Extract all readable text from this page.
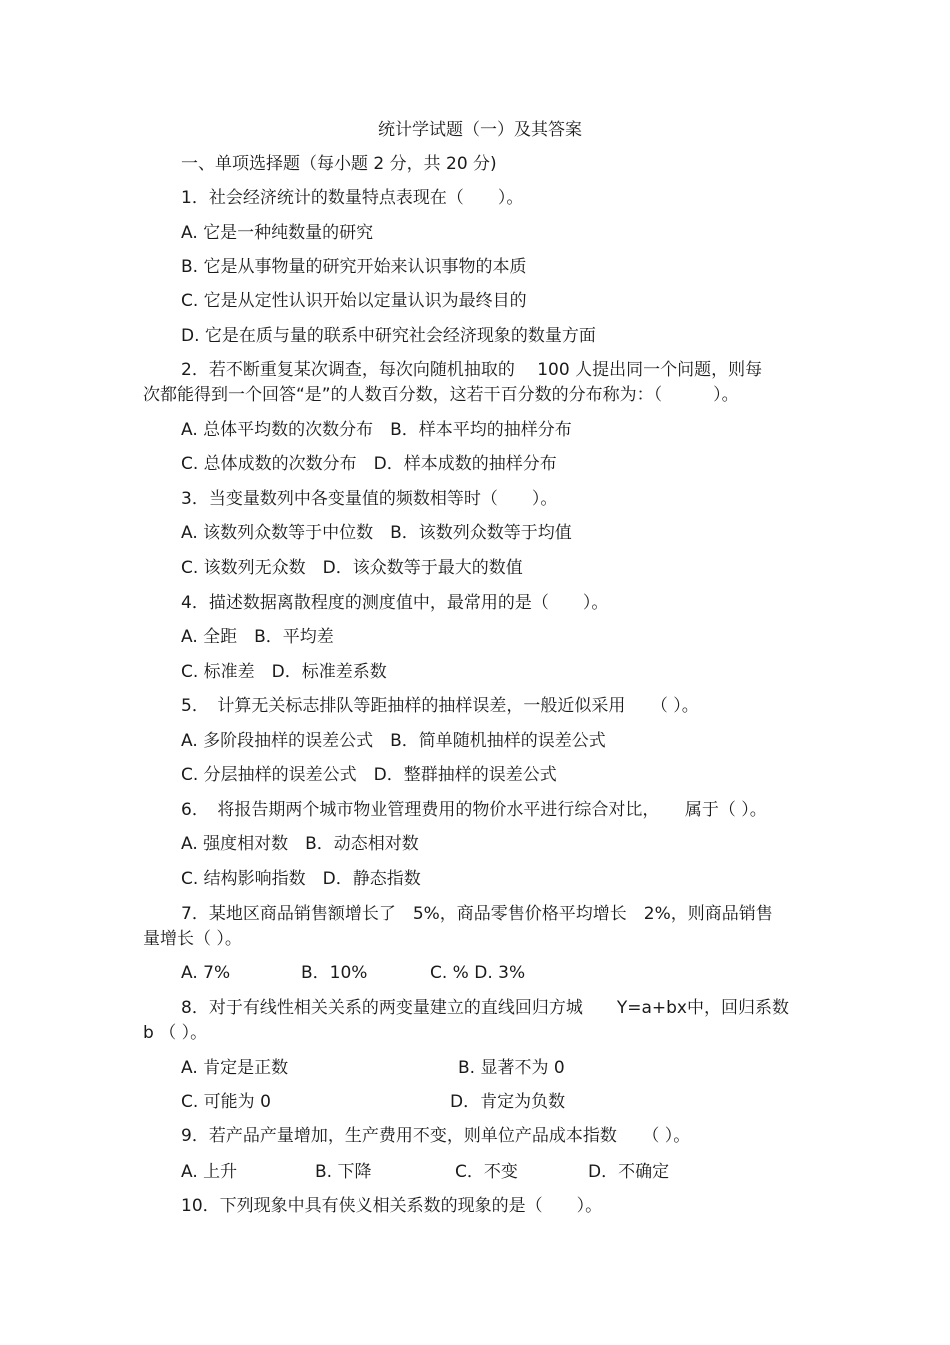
统计学试题（一）及其答案
一、单项选择题（每小题 2 分，共 20 分)
1．社会经济统计的数量特点表现在（　　）。
A. 它是一种纯数量的研究
B. 它是从事物量的研究开始来认识事物的本质
C. 它是从定性认识开始以定量认识为最终目的
D. 它是在质与量的联系中研究社会经济现象的数量方面
2．若不断重复某次调查，每次向随机抽取的　 100 人提出同一个问题，则每
次都能得到一个回答“是”的人数百分数，这若干百分数的分布称为：（　　　）。
A. 总体平均数的次数分布　B．样本平均的抽样分布
C. 总体成数的次数分布　D．样本成数的抽样分布
3．当变量数列中各变量值的频数相等时（　　）。
A. 该数列众数等于中位数　B．该数列众数等于均值
C. 该数列无众数　D．该众数等于最大的数值
4．描述数据离散程度的测度值中，最常用的是（　　）。
A. 全距　B．平均差
C. 标准差　D．标准差系数
5．　计算无关标志排队等距抽样的抽样误差，一般近似采用　　（ ）。
A. 多阶段抽样的误差公式　B．简单随机抽样的误差公式
C. 分层抽样的误差公式　D．整群抽样的误差公式
6．　将报告期两个城市物业管理费用的物价水平进行综合对比，　　属于（ ）。
A. 强度相对数　B．动态相对数
C. 结构影响指数　D．静态指数
7．某地区商品销售额增长了　5%，商品零售价格平均增长　2%，则商品销售
量增长（ ）。
A. 7%	B．10%	C. % D. 3%
8．对于有线性相关关系的两变量建立的直线回归方城　　Y=a+bx中，回归系数
b （ ）。
A. 肯定是正数	B. 显著不为 0
C. 可能为 0	D．肯定为负数
9．若产品产量增加，生产费用不变，则单位产品成本指数　　（ ）。
A. 上升	B. 下降	C．不变	D．不确定
10．下列现象中具有侠义相关系数的现象的是（　　）。
